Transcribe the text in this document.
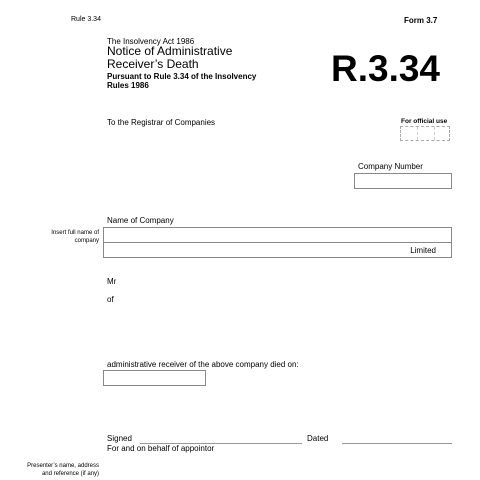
Rule 3.34	Form 3.7
The Insolvency Act 1986
Notice of Administrative Receiver’s Death
Pursuant to Rule 3.34 of the Insolvency Rules 1986	R.3.34
To the Registrar of Companies	For official use
Company Number
Name of Company
Insert full name of company
Limited
Mr
of
administrative receiver of the above company died on:
Signed	Dated
For and on behalf of appointor
Presenter’s name, address and reference (if any)
